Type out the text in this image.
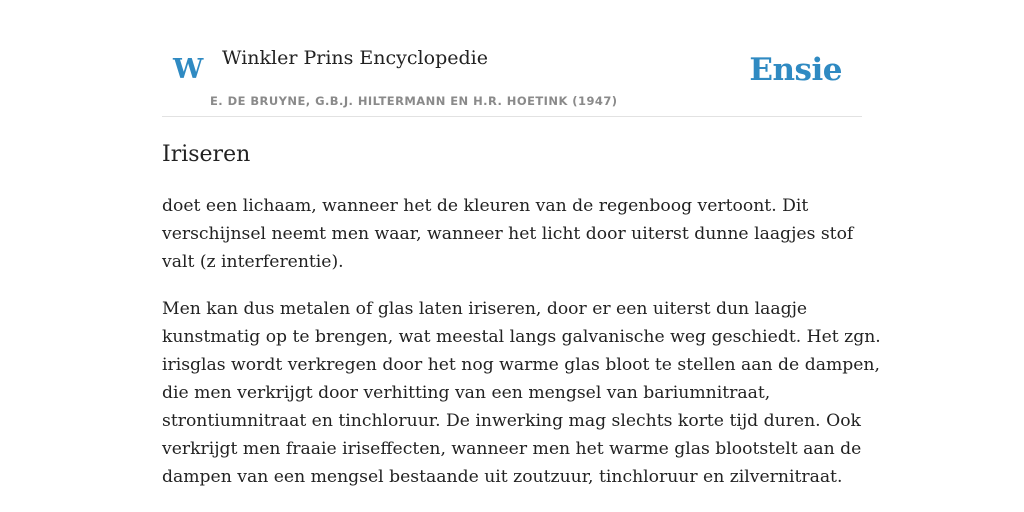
W Winkler Prins Encyclopedie
E. DE BRUYNE, G.B.J. HILTERMANN EN H.R. HOETINK (1947)
Ensie
Iriseren

doet een lichaam, wanneer het de kleuren van de regenboog vertoont. Dit
verschijnsel neemt men waar, wanneer het licht door uiterst dunne laagjes stof
valt (z interferentie).

Men kan dus metalen of glas laten iriseren, door er een uiterst dun laagje
kunstmatig op te brengen, wat meestal langs galvanische weg geschiedt. Het zgn.
irisglas wordt verkregen door het nog warme glas bloot te stellen aan de dampen,
die men verkrijgt door verhitting van een mengsel van bariumnitraat,
strontiumnitraat en tinchloruur. De inwerking mag slechts korte tijd duren. Ook
verkrijgt men fraaie iriseffecten, wanneer men het warme glas blootstelt aan de
dampen van een mengsel bestaande uit zoutzuur, tinchloruur en zilvernitraat.
